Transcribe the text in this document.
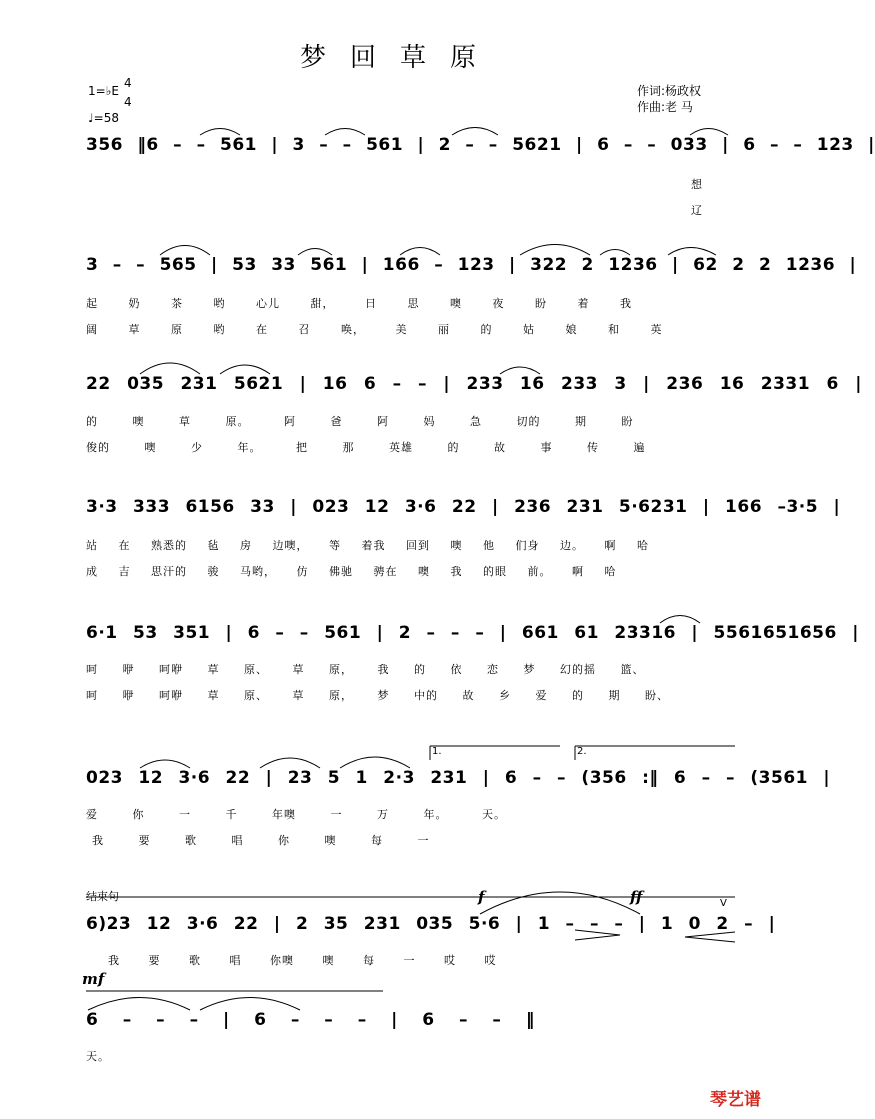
梦回草原
作词:杨政权
作曲:老 马
1=♭E
4
4
♩=58
356 ‖6 – – 561 | 3 – – 561 | 2 – – 5621 | 6 – – 033 | 6 – – 123 |
想
辽
3 – – 565 | 53 33 561 | 166 – 123 | 322 2 1236 | 62 2 2 1236 |
起 奶 茶 哟 心儿 甜， 日 思 噢 夜 盼 着 我
阔 草 原 哟 在 召 唤， 美 丽 的 姑 娘 和 英
22 035 231 5621 | 16 6 – – | 233 16 233 3 | 236 16 2331 6 |
的 噢 草 原。 阿 爸 阿 妈 急 切的 期 盼
俊的 噢 少 年。 把 那 英雄 的 故 事 传 遍
3·3 333 6156 33 | 023 12 3·6 22 | 236 231 5·6231 | 166 –3·5 |
站 在 熟悉的 毡 房 边噢， 等 着我 回到 噢 他 们身 边。 啊 哈
成 吉 思汗的 骏 马哟， 仿 佛驰 骋在 噢 我 的眼 前。 啊 哈
6·1 53 351 | 6 – – 561 | 2 – – – | 661 61 23316 | 5561651656 |
呵 咿 呵咿 草 原、 草 原， 我 的 依 恋 梦 幻的摇 篮、
呵 咿 呵咿 草 原、 草 原， 梦 中的 故 乡 爱 的 期 盼、
1.	2.
023 12 3·6 22 | 23 5 1 2·3 231 | 6 – – (356 :‖ 6 – – (3561 |
爱 你 一 千 年噢 一 万 年。 天。
我 要 歌 唱 你 噢 每 一
结束句	f	ff	V
6)23 12 3·6 22 | 2 35 231 035 5·6 | 1 – – – | 1 0 2 – |
我 要 歌 唱 你噢 噢 每 一 哎 哎
mf
6 – – – | 6 – – – | 6 – – ‖
天。
琴艺谱
